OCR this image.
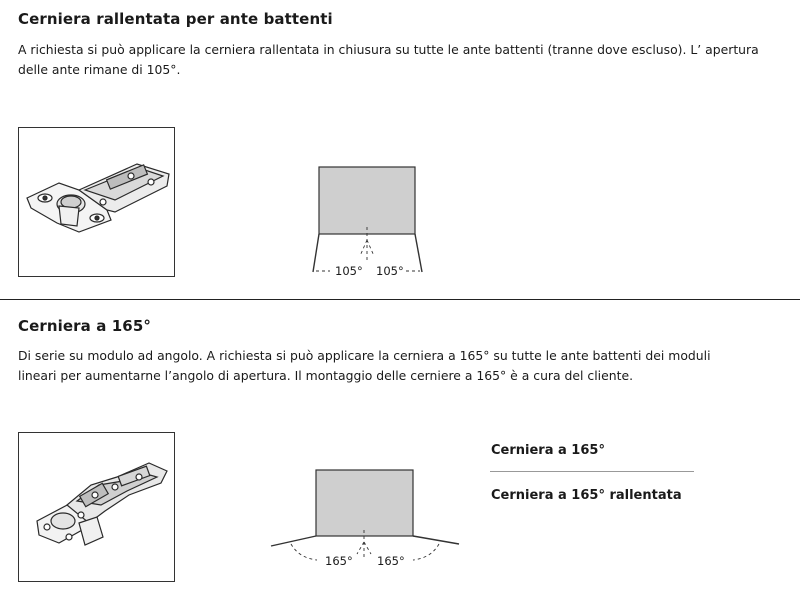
Cerniera rallentata per ante battenti
A richiesta si può applicare la cerniera rallentata in chiusura su tutte le ante battenti (tranne dove escluso). L’ apertura
delle ante rimane di 105°.
105° 105°
Cerniera a 165°
Di serie su modulo ad angolo. A richiesta si può applicare la cerniera a 165° su tutte le ante battenti dei moduli
lineari per aumentarne l’angolo di apertura. Il montaggio delle cerniere a 165° è a cura del cliente.
165° 165°
Cerniera a 165°
Cerniera a 165° rallentata
